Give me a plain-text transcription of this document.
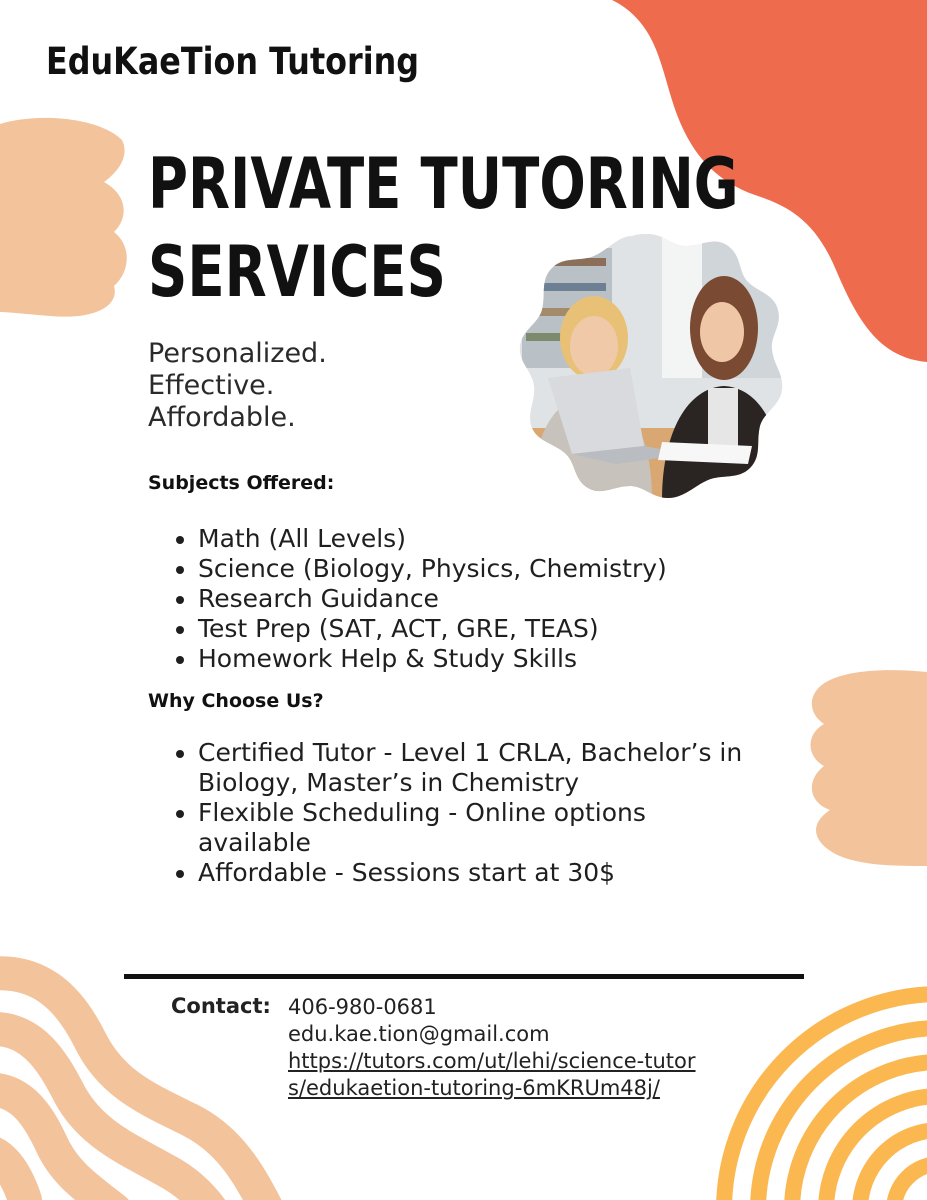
EduKaeTion Tutoring
PRIVATE TUTORING
SERVICES
Personalized.
Effective.
Affordable.
Subjects Offered:
• Math (All Levels)
• Science (Biology, Physics, Chemistry)
• Research Guidance
• Test Prep (SAT, ACT, GRE, TEAS)
• Homework Help & Study Skills
Why Choose Us?
• Certified Tutor - Level 1 CRLA, Bachelor’s in Biology, Master’s in Chemistry
• Flexible Scheduling - Online options available
• Affordable - Sessions start at 30$
Contact: 406-980-0681
edu.kae.tion@gmail.com
https://tutors.com/ut/lehi/science-tutors/edukaetion-tutoring-6mKRUm48j/
